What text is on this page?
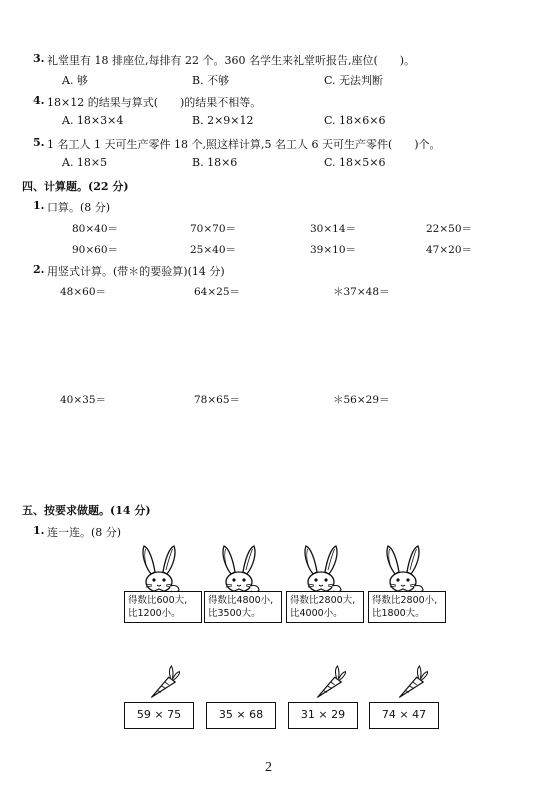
3. 礼堂里有 18 排座位,每排有 22 个。360 名学生来礼堂听报告,座位(　　)。
A. 够	B. 不够	C. 无法判断
4. 18×12 的结果与算式(　　)的结果不相等。
A. 18×3×4	B. 2×9×12	C. 18×6×6
5. 1 名工人 1 天可生产零件 18 个,照这样计算,5 名工人 6 天可生产零件(　　)个。
A. 18×5	B. 18×6	C. 18×5×6
四、计算题。(22 分)
1. 口算。(8 分)
80×40＝	70×70＝	30×14＝	22×50＝
90×60＝	25×40＝	39×10＝	47×20＝
2. 用竖式计算。(带＊的要验算)(14 分)
48×60＝	64×25＝	＊37×48＝
40×35＝	78×65＝	＊56×29＝
五、按要求做题。(14 分)
1. 连一连。(8 分)
得数比600大,
比1200小。
得数比4800小,
比3500大。
得数比2800大,
比4000小。
得数比2800小,
比1800大。
59 × 75	35 × 68	31 × 29	74 × 47
2
